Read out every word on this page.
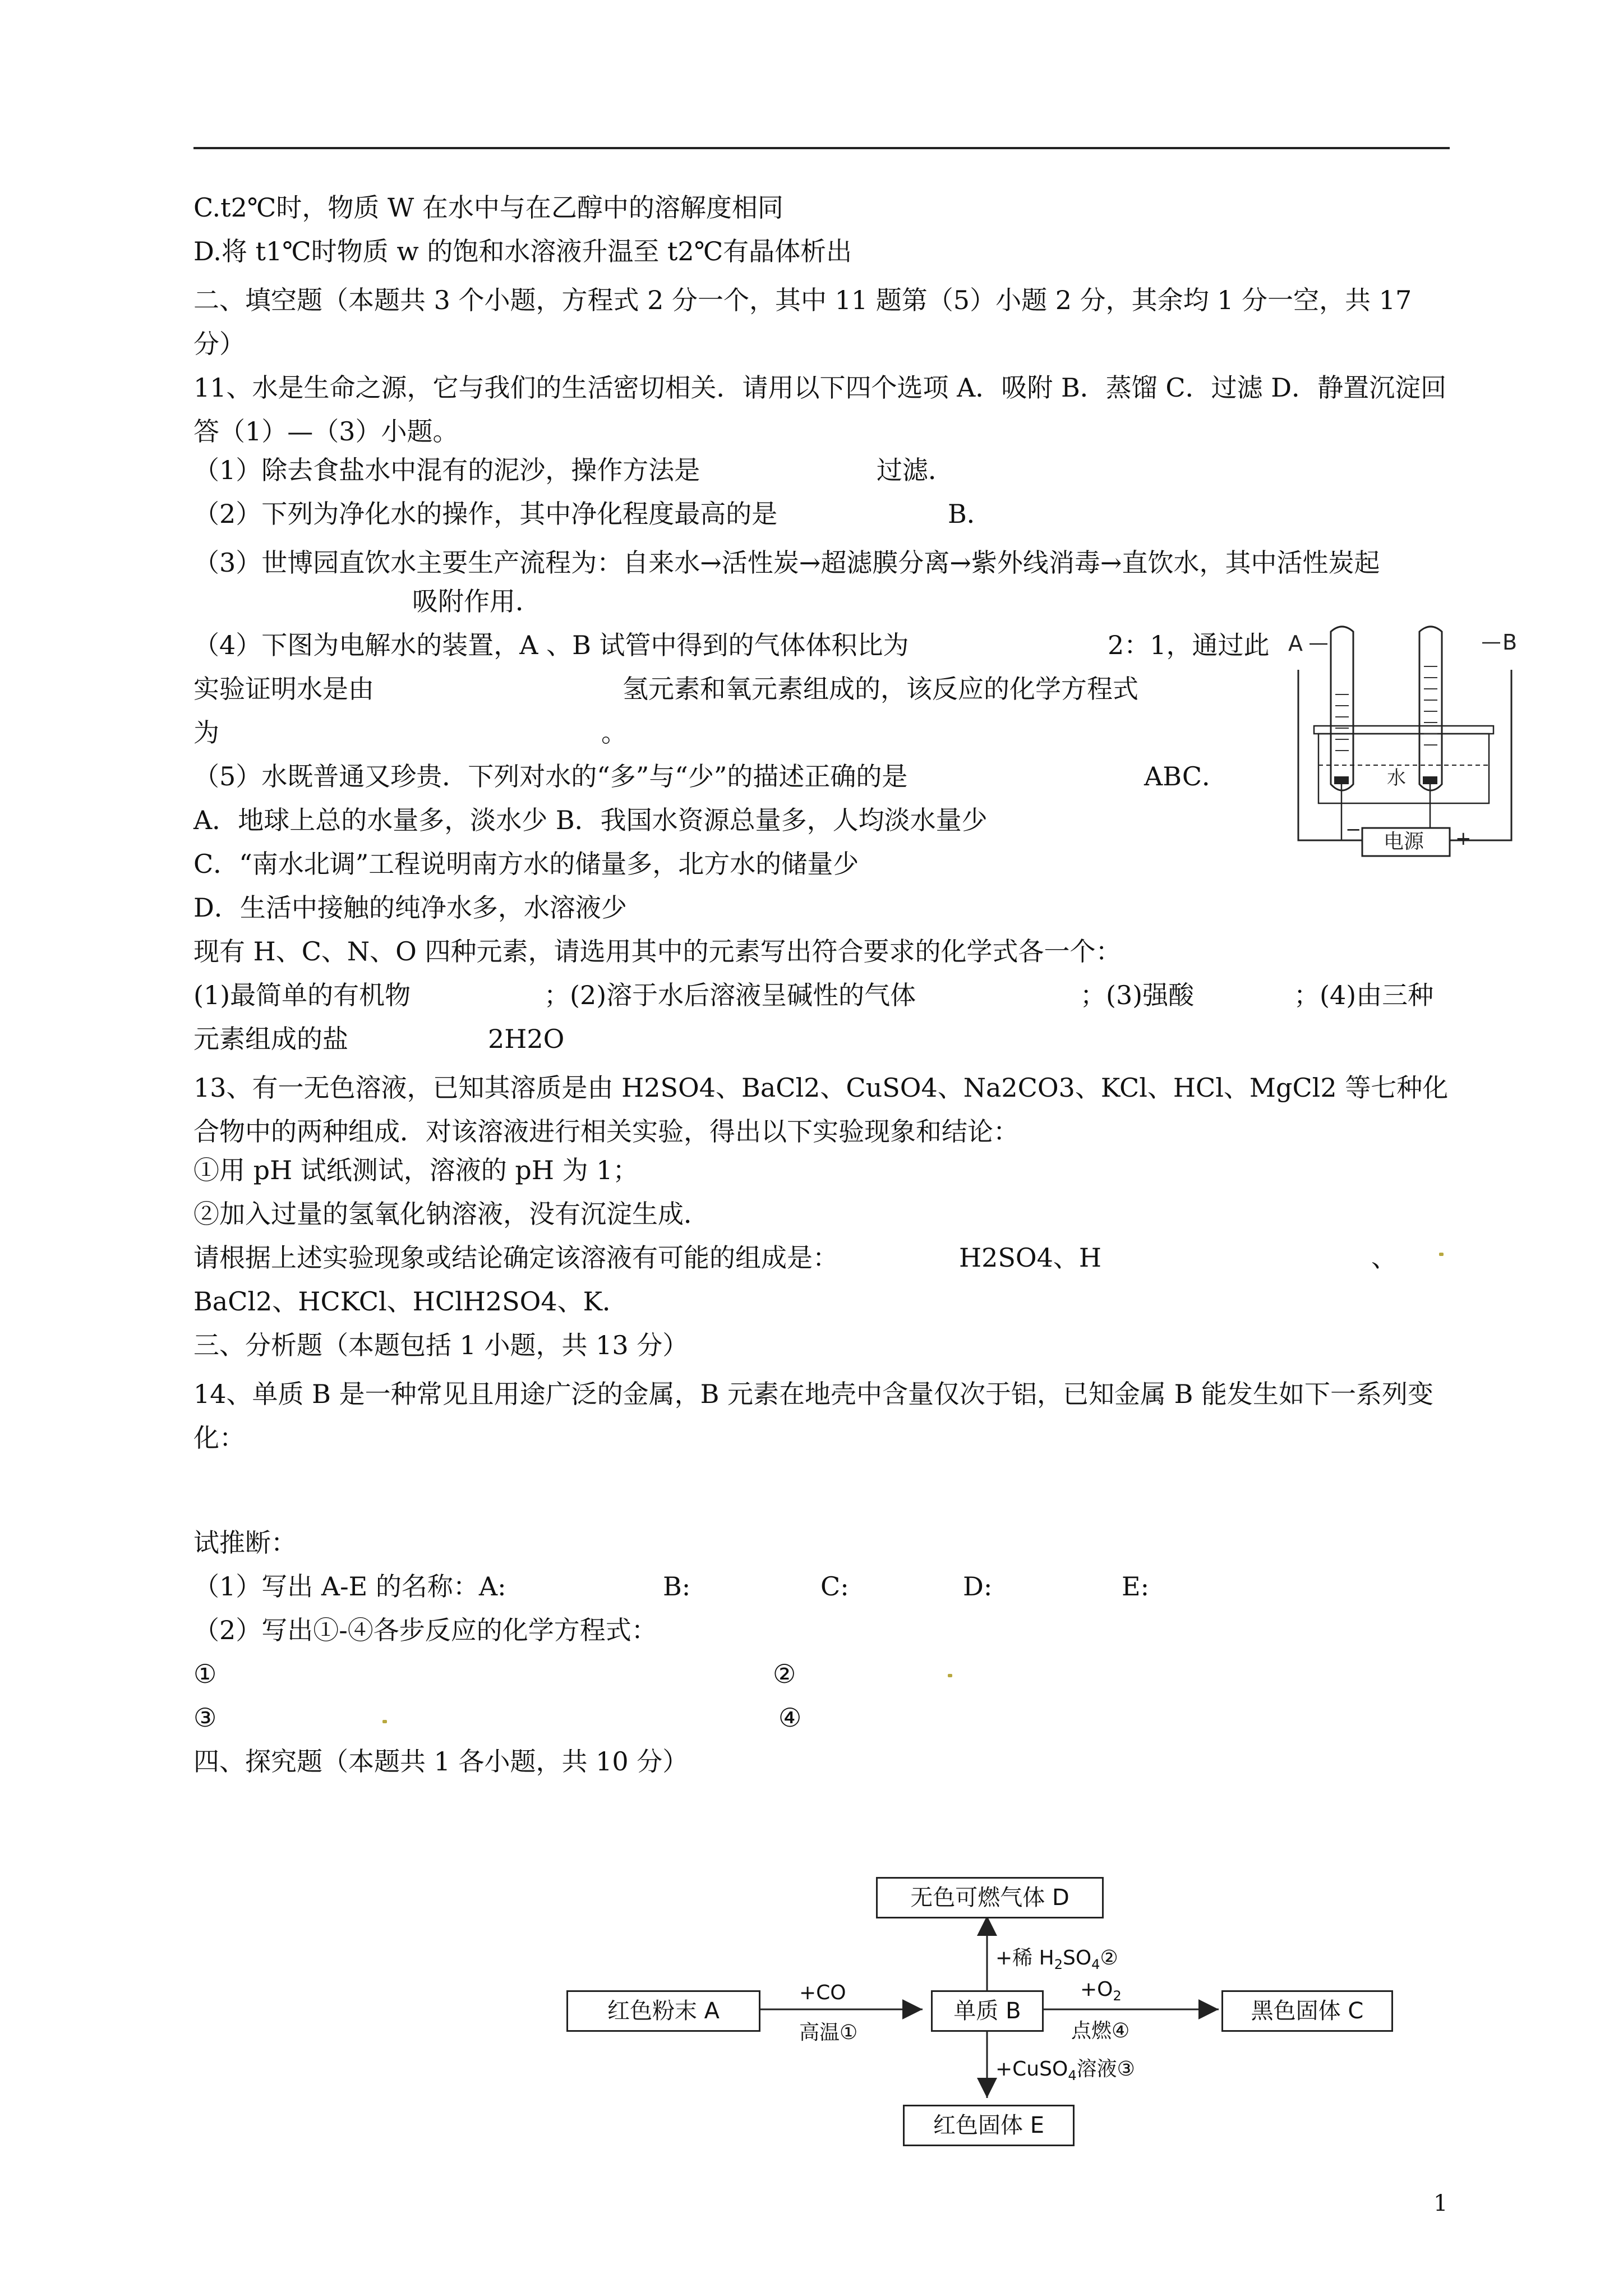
C.t2℃时，物质 W 在水中与在乙醇中的溶解度相同
D.将 t1℃时物质 w 的饱和水溶液升温至 t2℃有晶体析出
二、填空题（本题共 3 个小题，方程式 2 分一个，其中 11 题第（5）小题 2 分，其余均 1 分一空，共 17 分）
11、水是生命之源，它与我们的生活密切相关．请用以下四个选项 A．吸附 B．蒸馏 C．过滤 D．静置沉淀回答（1）—（3）小题。
（1）除去食盐水中混有的泥沙，操作方法是	过滤．
（2）下列为净化水的操作，其中净化程度最高的是	B．
（3）世博园直饮水主要生产流程为：自来水→活性炭→超滤膜分离→紫外线消毒→直饮水，其中活性炭起
吸附作用．
（4）下图为电解水的装置，A 、B 试管中得到的气体体积比为	2：1，通过此
实验证明水是由	氢元素和氧元素组成的，该反应的化学方程式
为	。
（5）水既普通又珍贵．下列对水的“多”与“少”的描述正确的是	ABC．
A．地球上总的水量多，淡水少 B．我国水资源总量多，人均淡水量少
C．“南水北调”工程说明南方水的储量多，北方水的储量少
D．生活中接触的纯净水多，水溶液少
A	B
水
电源
−	+
现有 H、C、N、O 四种元素，请选用其中的元素写出符合要求的化学式各一个：
(1)最简单的有机物	；(2)溶于水后溶液呈碱性的气体	；(3)强酸	；(4)由三种
元素组成的盐	2H2O
13、有一无色溶液，已知其溶质是由 H2SO4、BaCl2、CuSO4、Na2CO3、KCl、HCl、MgCl2 等七种化合物中的两种组成．对该溶液进行相关实验，得出以下实验现象和结论：
①用 pH 试纸测试，溶液的 pH 为 1；
②加入过量的氢氧化钠溶液，没有沉淀生成．
请根据上述实验现象或结论确定该溶液有可能的组成是：	H2SO4、H	、
BaCl2、HCKCl、HClH2SO4、K．
三、分析题（本题包括 1 小题，共 13 分）
14、单质 B 是一种常见且用途广泛的金属，B 元素在地壳中含量仅次于铝，已知金属 B 能发生如下一系列变化：
试推断：
（1）写出 A-E 的名称：A:	B:	C:	D:	E:
（2）写出①-④各步反应的化学方程式：
①	②
③	④
四、探究题（本题共 1 各小题，共 10 分）
无色可燃气体 D
红色粉末 A	单质 B	黑色固体 C
红色固体 E
+CO
高温①
+稀 $H_2SO_4②$
$+O_2$
点燃④
+CuSO$_4$溶液③
1
